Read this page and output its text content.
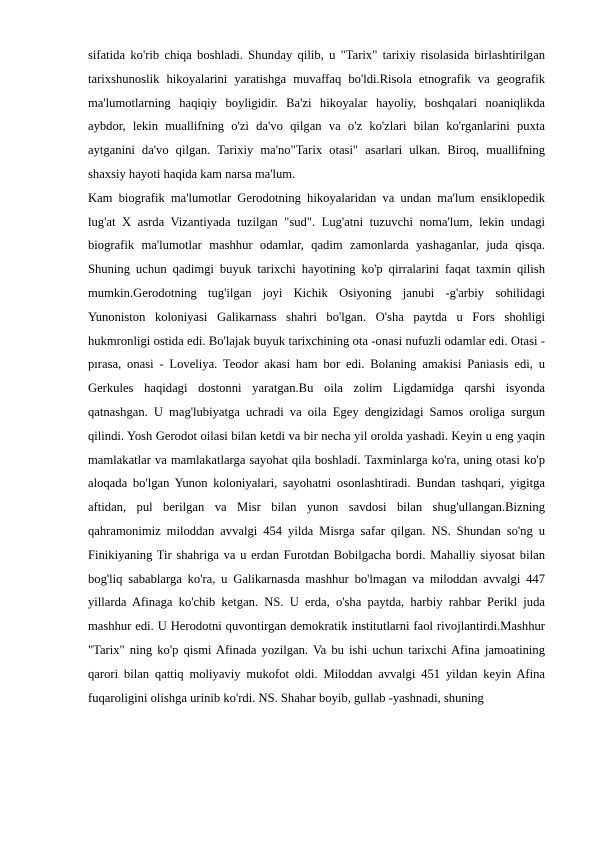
sifatida ko'rib chiqa boshladi. Shunday qilib, u "Tarix" tarixiy risolasida birlashtirilgan tarixshunoslik hikoyalarini yaratishga muvaffaq bo'ldi.Risola etnografik va geografik ma'lumotlarning haqiqiy boyligidir. Ba'zi hikoyalar hayoliy, boshqalari noaniqlikda aybdor, lekin muallifning o'zi da'vo qilgan va o'z ko'zlari bilan ko'rganlarini puxta aytganini da'vo qilgan. Tarixiy ma'no"Tarix otasi" asarlari ulkan. Biroq, muallifning shaxsiy hayoti haqida kam narsa ma'lum.

Kam biografik ma'lumotlar Gerodotning hikoyalaridan va undan ma'lum ensiklopedik lug'at X asrda Vizantiyada tuzilgan "sud". Lug'atni tuzuvchi noma'lum, lekin undagi biografik ma'lumotlar mashhur odamlar, qadim zamonlarda yashaganlar, juda qisqa. Shuning uchun qadimgi buyuk tarixchi hayotining ko'p qirralarini faqat taxmin qilish mumkin.Gerodotning tug'ilgan joyi Kichik Osiyoning janubi -g'arbiy sohilidagi Yunoniston koloniyasi Galikarnass shahri bo'lgan. O'sha paytda u Fors shohligi hukmronligi ostida edi. Bo'lajak buyuk tarixchining ota -onasi nufuzli odamlar edi. Otasi - pırasa, onasi - Loveliya. Teodor akasi ham bor edi. Bolaning amakisi Paniasis edi, u Gerkules haqidagi dostonni yaratgan.Bu oila zolim Ligdamidga qarshi isyonda qatnashgan. U mag'lubiyatga uchradi va oila Egey dengizidagi Samos oroliga surgun qilindi. Yosh Gerodot oilasi bilan ketdi va bir necha yil orolda yashadi. Keyin u eng yaqin mamlakatlar va mamlakatlarga sayohat qila boshladi. Taxminlarga ko'ra, uning otasi ko'p aloqada bo'lgan Yunon koloniyalari, sayohatni osonlashtiradi. Bundan tashqari, yigitga aftidan, pul berilgan va Misr bilan yunon savdosi bilan shug'ullangan.Bizning qahramonimiz miloddan avvalgi 454 yilda Misrga safar qilgan. NS. Shundan so'ng u Finikiyaning Tir shahriga va u erdan Furotdan Bobilgacha bordi. Mahalliy siyosat bilan bog'liq sabablarga ko'ra, u Galikarnasda mashhur bo'lmagan va miloddan avvalgi 447 yillarda Afinaga ko'chib ketgan. NS. U erda, o'sha paytda, harbiy rahbar Perikl juda mashhur edi. U Herodotni quvontirgan demokratik institutlarni faol rivojlantirdi.Mashhur "Tarix" ning ko'p qismi Afinada yozilgan. Va bu ishi uchun tarixchi Afina jamoatining qarori bilan qattiq moliyaviy mukofot oldi. Miloddan avvalgi 451 yildan keyin Afina fuqaroligini olishga urinib ko'rdi. NS. Shahar boyib, gullab -yashnadi, shuning
